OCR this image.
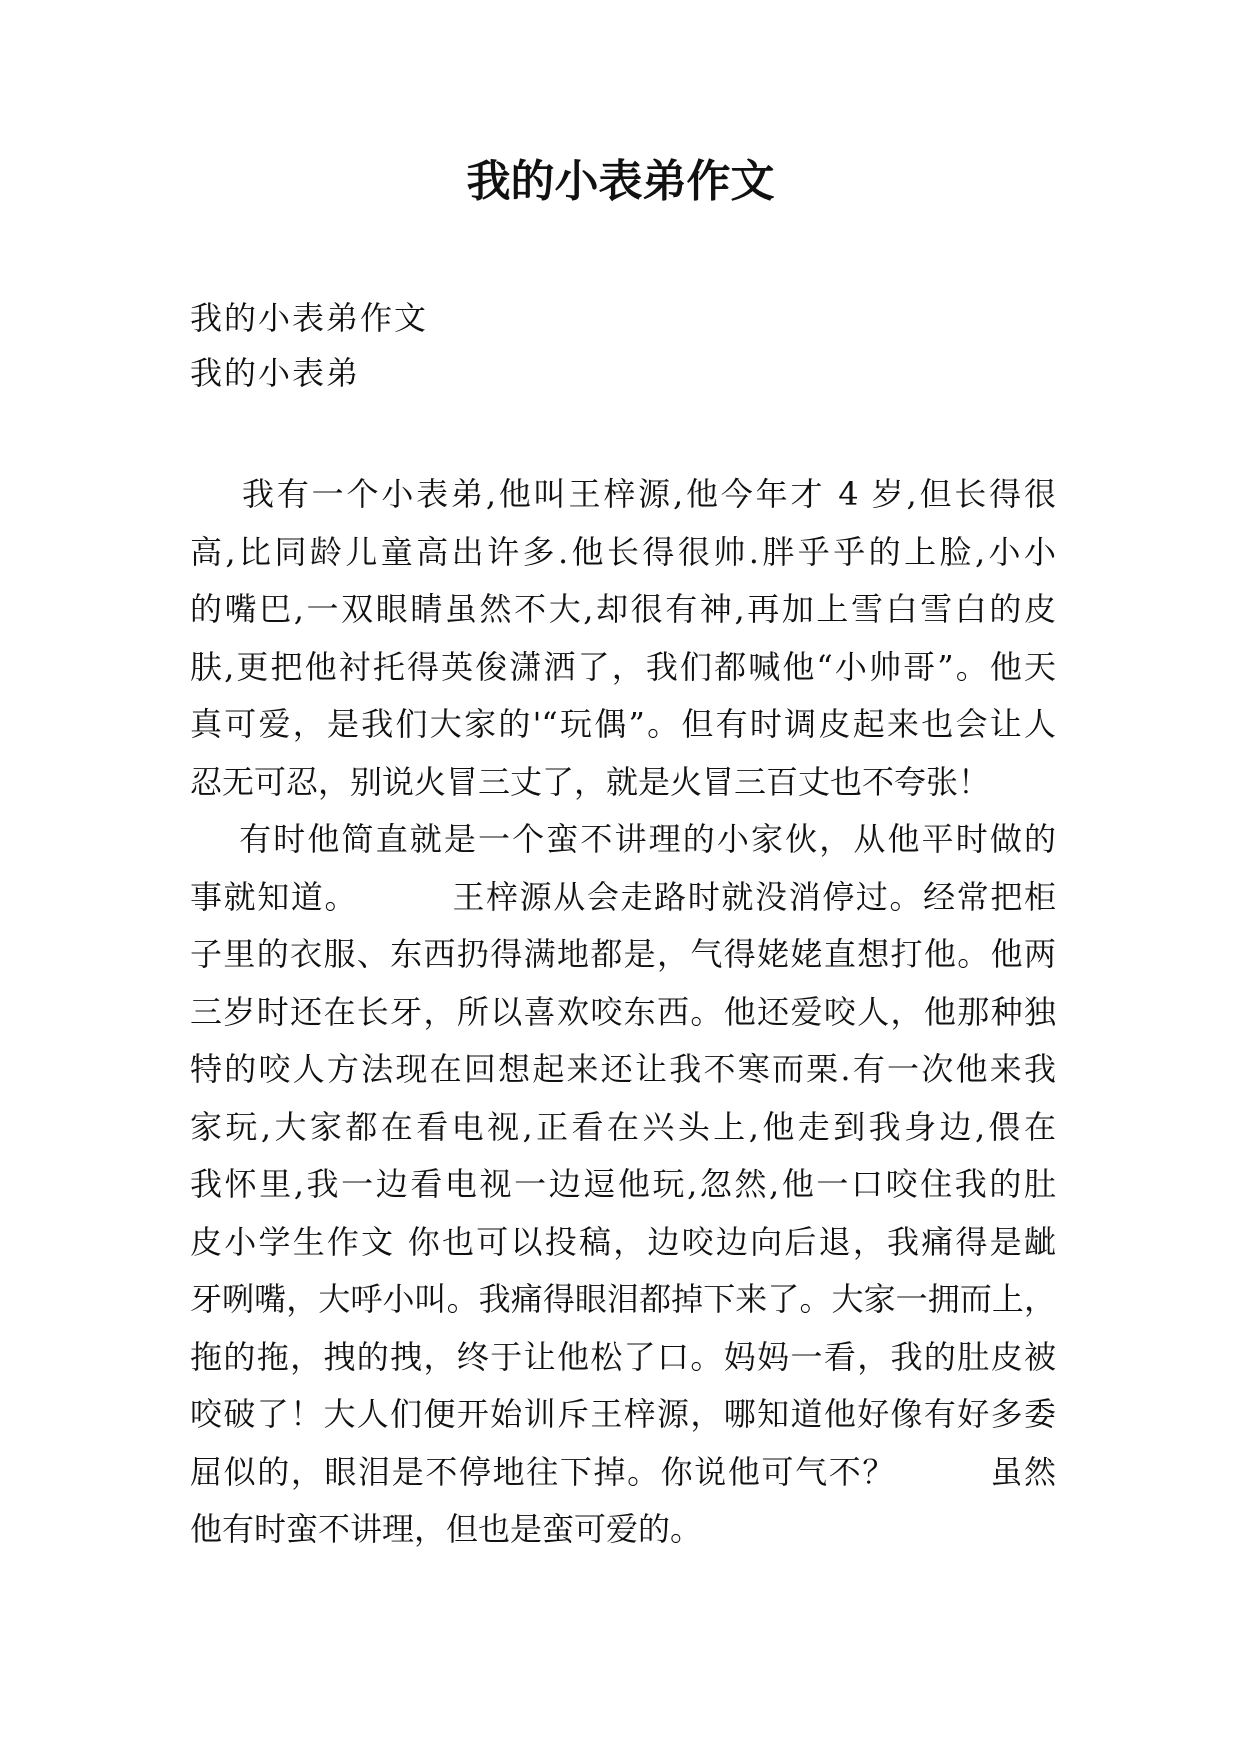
我的小表弟作文
我的小表弟作文
我的小表弟
我有一个小表弟,他叫王梓源,他今年才 4 岁,但长得很
高,比同龄儿童高出许多.他长得很帅.胖乎乎的上脸,小小
的嘴巴,一双眼睛虽然不大,却很有神,再加上雪白雪白的皮
肤,更把他衬托得英俊潇洒了，我们都喊他“小帅哥”。他天
真可爱，是我们大家的'“玩偶”。但有时调皮起来也会让人
忍无可忍，别说火冒三丈了，就是火冒三百丈也不夸张！
有时他简直就是一个蛮不讲理的小家伙，从他平时做的
事就知道。        王梓源从会走路时就没消停过。经常把柜
子里的衣服、东西扔得满地都是，气得姥姥直想打他。他两
三岁时还在长牙，所以喜欢咬东西。他还爱咬人，他那种独
特的咬人方法现在回想起来还让我不寒而栗.有一次他来我
家玩,大家都在看电视,正看在兴头上,他走到我身边,偎在
我怀里,我一边看电视一边逗他玩,忽然,他一口咬住我的肚
皮小学生作文 你也可以投稿，边咬边向后退，我痛得是龇
牙咧嘴，大呼小叫。我痛得眼泪都掉下来了。大家一拥而上，
拖的拖，拽的拽，终于让他松了口。妈妈一看，我的肚皮被
咬破了！大人们便开始训斥王梓源，哪知道他好像有好多委
屈似的，眼泪是不停地往下掉。你说他可气不？        虽然
他有时蛮不讲理，但也是蛮可爱的。
